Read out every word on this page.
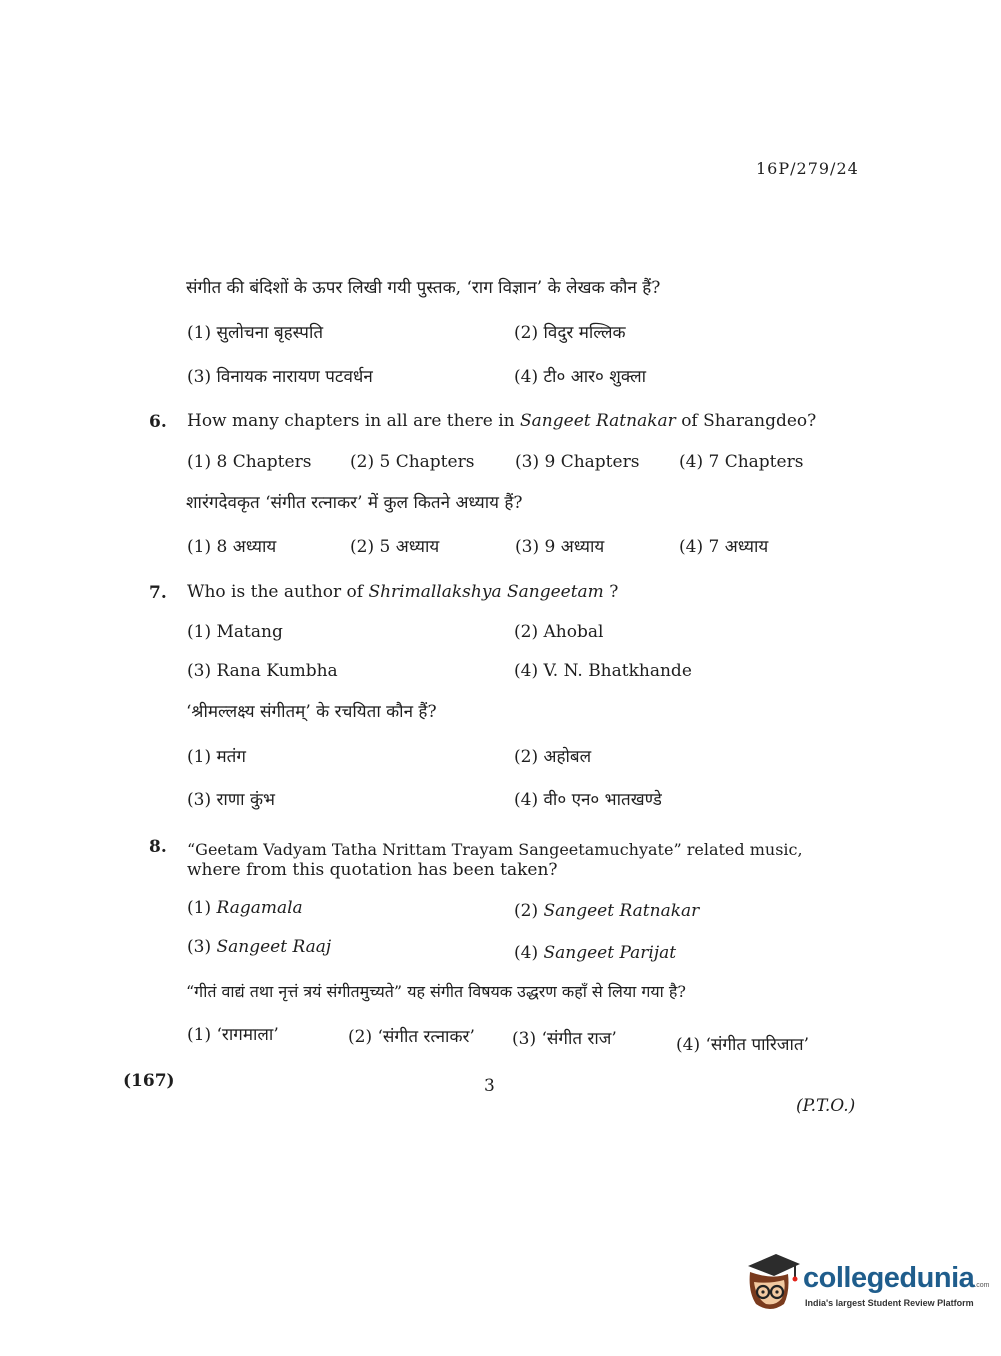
16P/279/24
संगीत की बंदिशों के ऊपर लिखी गयी पुस्तक, ‘राग विज्ञान’ के लेखक कौन हैं?
(1) सुलोचना बृहस्पति	(2) विदुर मल्लिक
(3) विनायक नारायण पटवर्धन	(4) टी० आर० शुक्ला
6. How many chapters in all are there in Sangeet Ratnakar of Sharangdeo?
(1) 8 Chapters (2) 5 Chapters (3) 9 Chapters (4) 7 Chapters
शारंगदेवकृत ‘संगीत रत्नाकर’ में कुल कितने अध्याय हैं?
(1) 8 अध्याय	(2) 5 अध्याय	(3) 9 अध्याय	(4) 7 अध्याय
7. Who is the author of Shrimallakshya Sangeetam ?
(1) Matang	(2) Ahobal
(3) Rana Kumbha	(4) V. N. Bhatkhande
‘श्रीमल्लक्ष्य संगीतम्’ के रचयिता कौन हैं?
(1) मतंग	(2) अहोबल
(3) राणा कुंभ	(4) वी० एन० भातखण्डे
8. “Geetam Vadyam Tatha Nrittam Trayam Sangeetamuchyate” related music,
where from this quotation has been taken?
(1) Ragamala	(2) Sangeet Ratnakar
(3) Sangeet Raaj	(4) Sangeet Parijat
“गीतं वाद्यं तथा नृत्तं त्रयं संगीतमुच्यते” यह संगीत विषयक उद्धरण कहाँ से लिया गया है?
(1) ‘रागमाला’	(2) ‘संगीत रत्नाकर’ (3) ‘संगीत राज’	(4) ‘संगीत पारिजात’
(167)	3
(P.T.O.)
collegedunia.com
India's largest Student Review Platform
